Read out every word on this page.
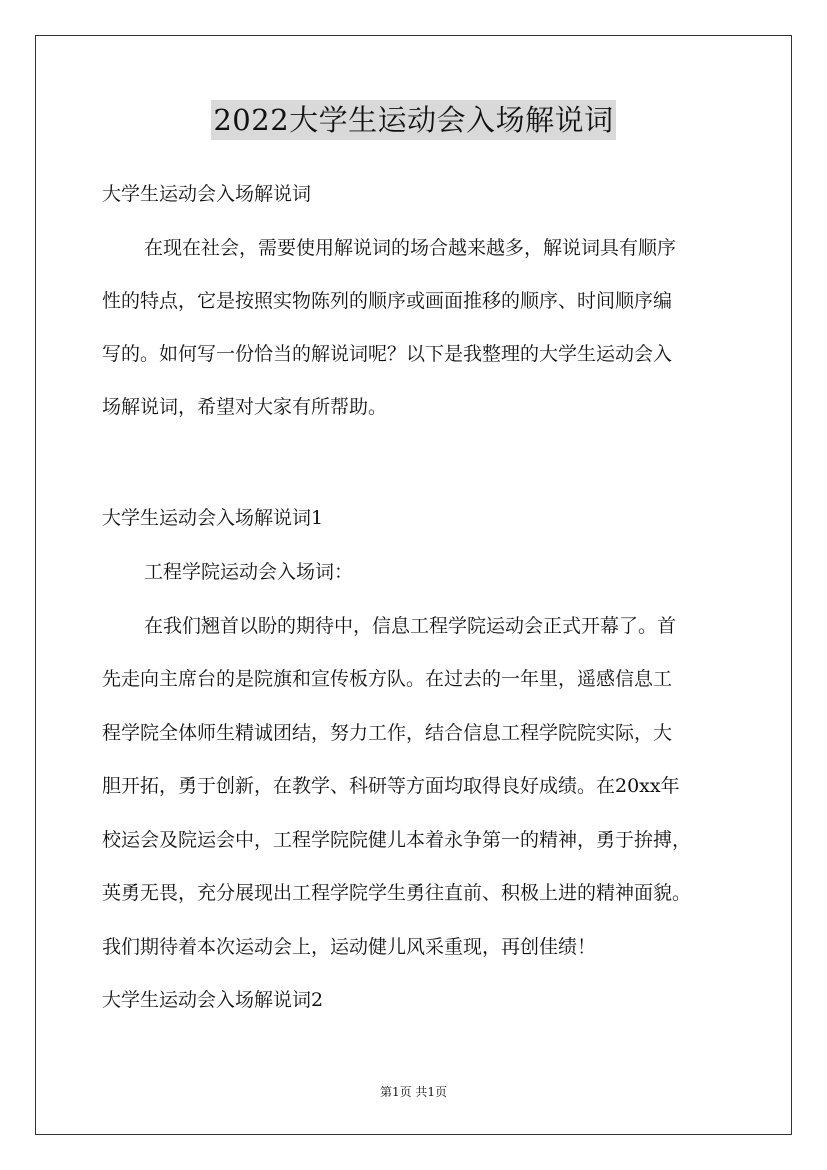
2022大学生运动会入场解说词
大学生运动会入场解说词
在现在社会，需要使用解说词的场合越来越多，解说词具有顺序
性的特点，它是按照实物陈列的顺序或画面推移的顺序、时间顺序编
写的。如何写一份恰当的解说词呢？以下是我整理的大学生运动会入
场解说词，希望对大家有所帮助。
大学生运动会入场解说词1
工程学院运动会入场词：
在我们翘首以盼的期待中，信息工程学院运动会正式开幕了。首
先走向主席台的是院旗和宣传板方队。在过去的一年里，遥感信息工
程学院全体师生精诚团结，努力工作，结合信息工程学院院实际，大
胆开拓，勇于创新，在教学、科研等方面均取得良好成绩。在20xx年
校运会及院运会中，工程学院院健儿本着永争第一的精神，勇于拚搏，
英勇无畏，充分展现出工程学院学生勇往直前、积极上进的精神面貌。
我们期待着本次运动会上，运动健儿风采重现，再创佳绩！
大学生运动会入场解说词2
第1页 共1页
